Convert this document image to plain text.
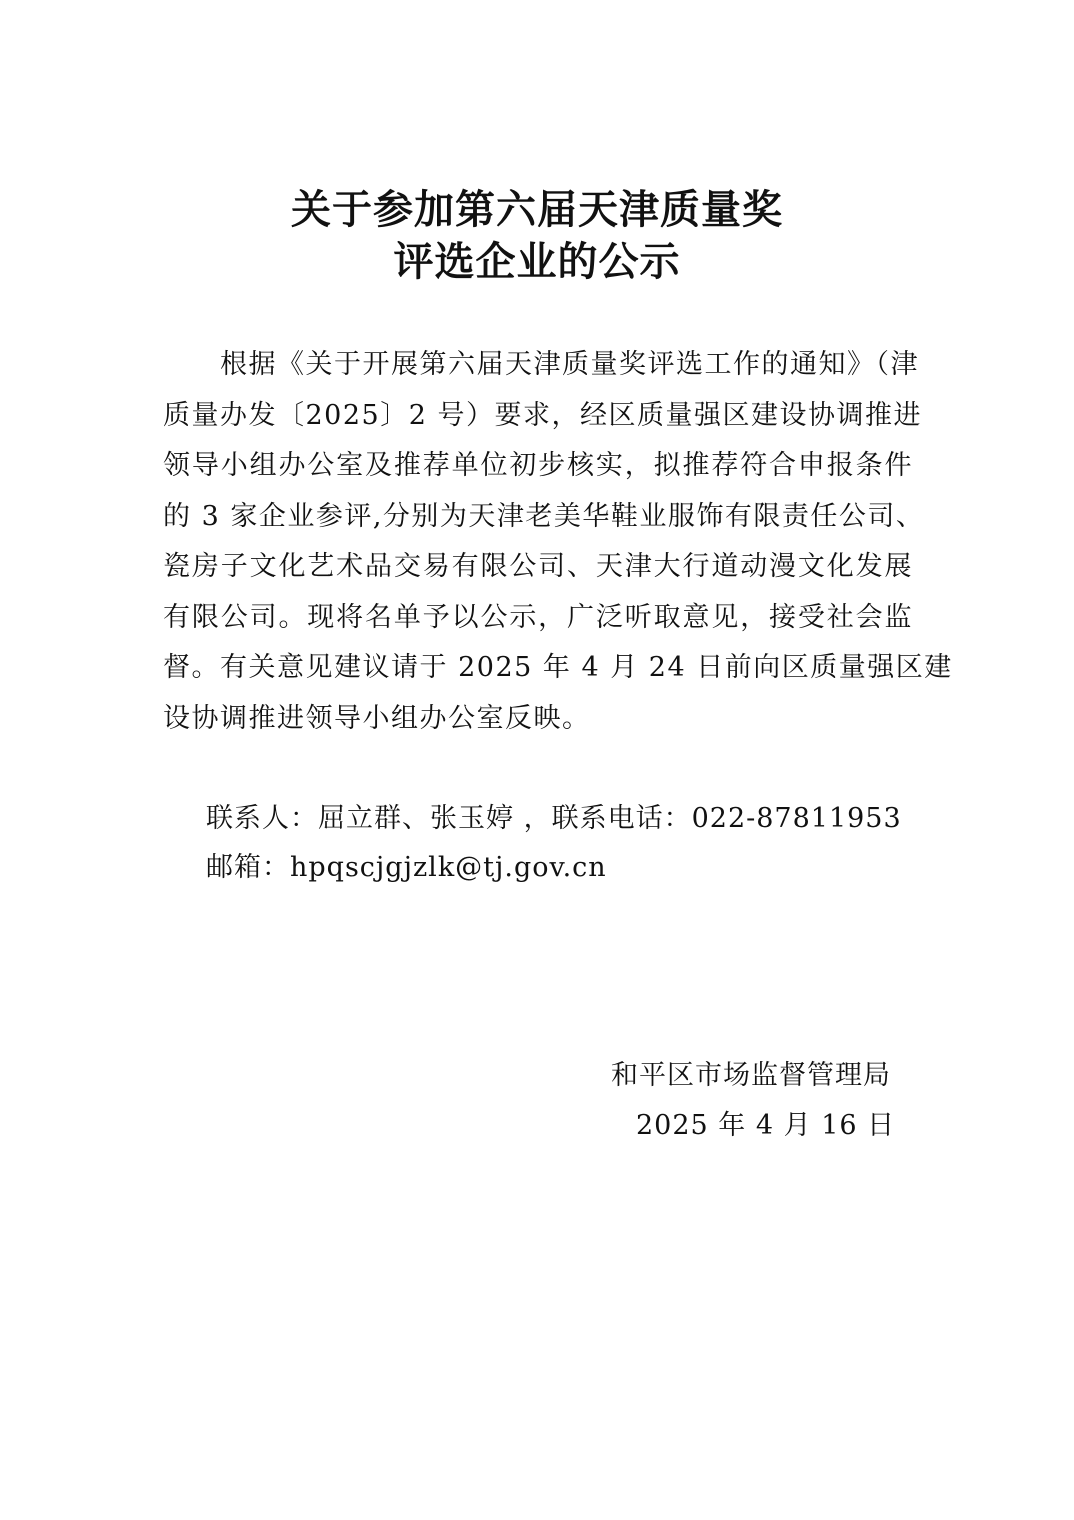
关于参加第六届天津质量奖
评选企业的公示
　　根据《关于开展第六届天津质量奖评选工作的通知》（津
质量办发〔2025〕2 号）要求，经区质量强区建设协调推进
领导小组办公室及推荐单位初步核实，拟推荐符合申报条件
的 3 家企业参评,分别为天津老美华鞋业服饰有限责任公司、
瓷房子文化艺术品交易有限公司、天津大行道动漫文化发展
有限公司。现将名单予以公示，广泛听取意见，接受社会监
督。有关意见建议请于 2025 年 4 月 24 日前向区质量强区建
设协调推进领导小组办公室反映。
联系人：屈立群、张玉婷 ，联系电话：022-87811953
邮箱：hpqscjgjzlk@tj.gov.cn
和平区市场监督管理局
2025 年 4 月 16 日
